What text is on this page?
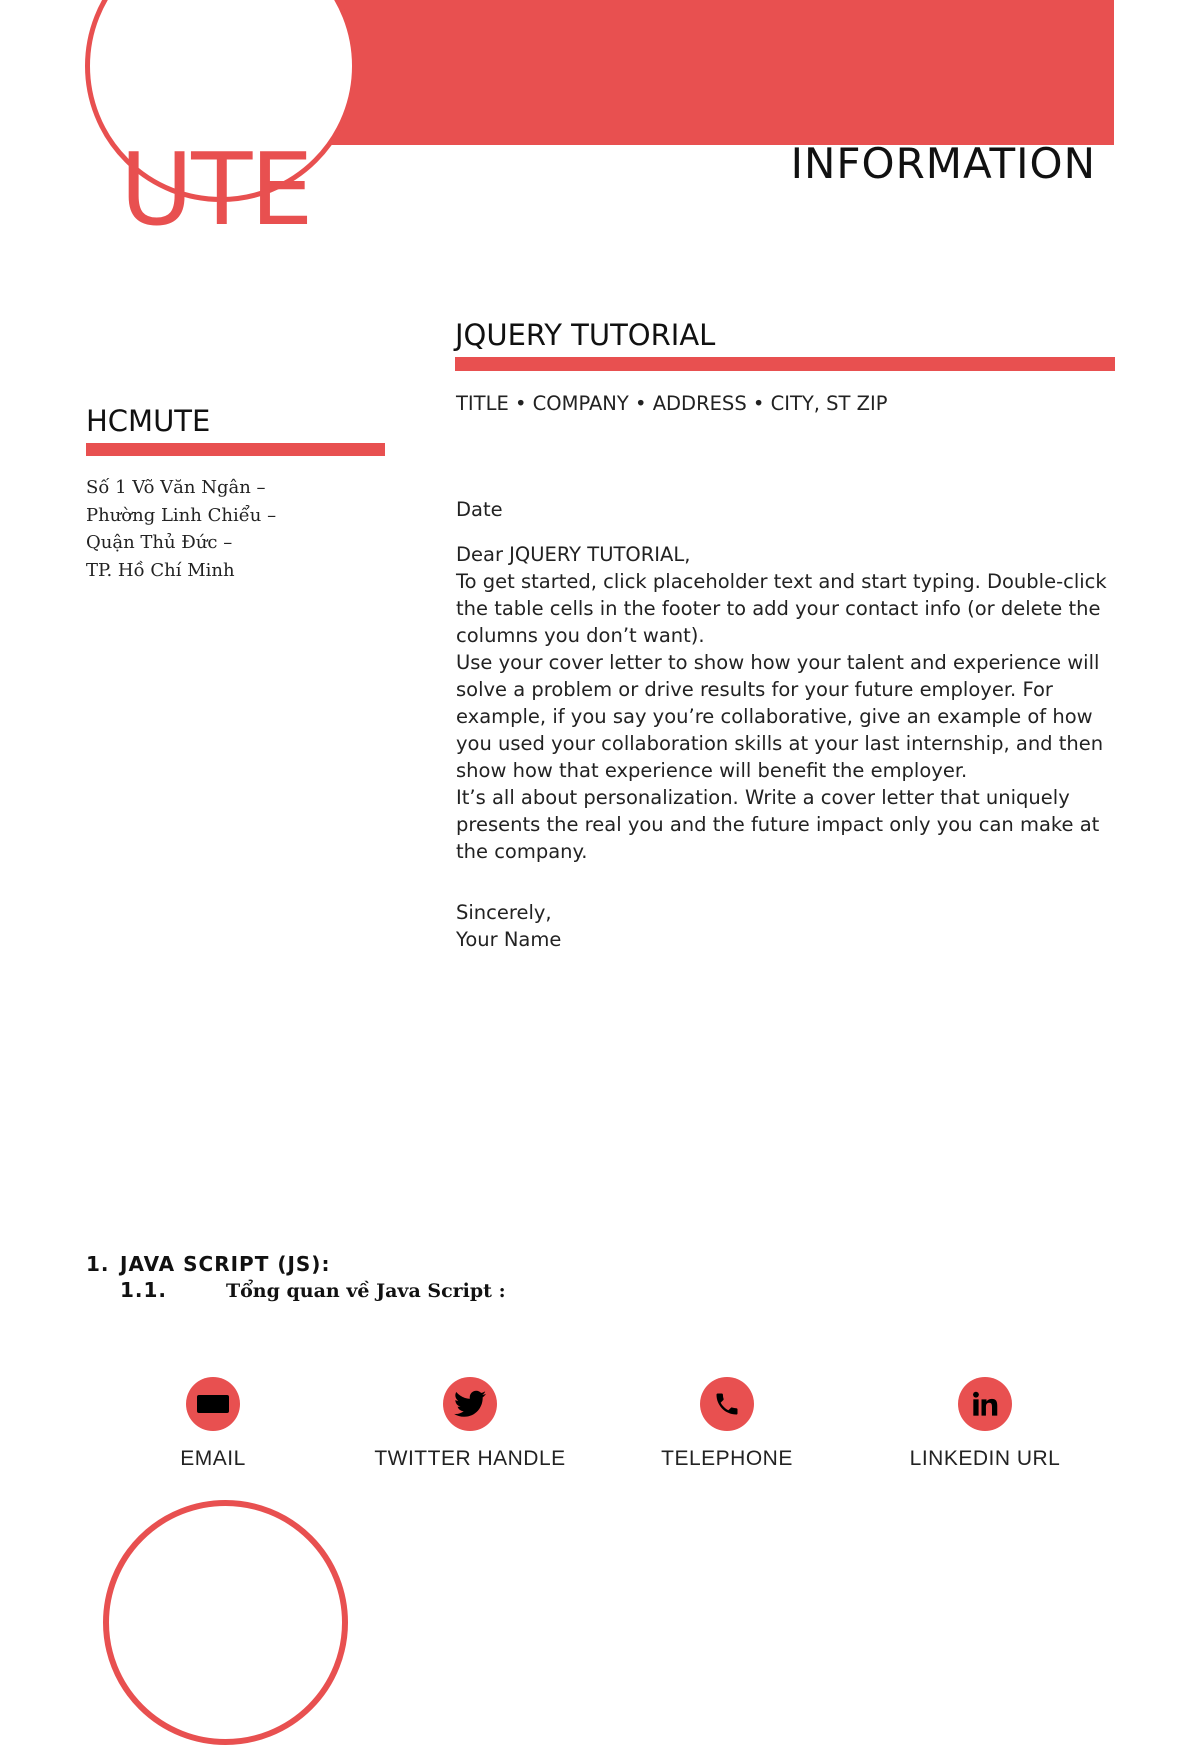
UTE	INFORMATION
JQUERY TUTORIAL
TITLE • COMPANY • ADDRESS • CITY, ST ZIP
HCMUTE
Số 1 Võ Văn Ngân –
Phường Linh Chiểu –
Quận Thủ Đức –
TP. Hồ Chí Minh

Date

Dear JQUERY TUTORIAL,

To get started, click placeholder text and start typing. Double-click the table cells in the footer to add your contact info (or delete the columns you don’t want).

Use your cover letter to show how your talent and experience will solve a problem or drive results for your future employer. For example, if you say you’re collaborative, give an example of how you used your collaboration skills at your last internship, and then show how that experience will benefit the employer.

It’s all about personalization. Write a cover letter that uniquely presents the real you and the future impact only you can make at the company.

Sincerely,

Your Name

1. JAVA SCRIPT (JS):
1.1.	Tổng quan về Java Script :
EMAIL	TWITTER HANDLE	TELEPHONE	LINKEDIN URL
